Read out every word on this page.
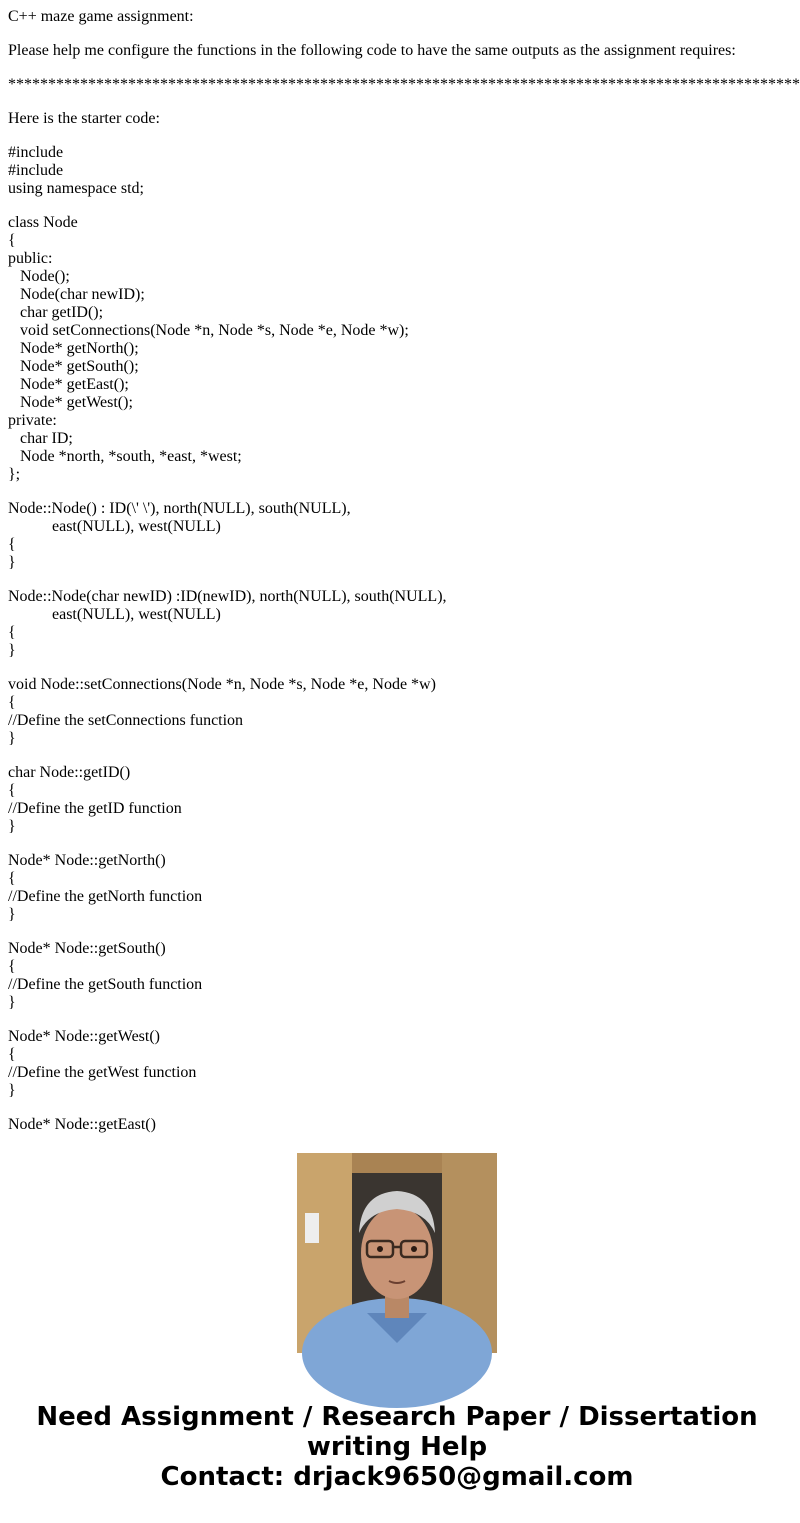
C++ maze game assignment:
Please help me configure the functions in the following code to have the same outputs as the assignment requires:
***************************************************************************************************
Here is the starter code:
#include
#include
using namespace std;
class Node
{
public:
Node();
Node(char newID);
char getID();
void setConnections(Node *n, Node *s, Node *e, Node *w);
Node* getNorth();
Node* getSouth();
Node* getEast();
Node* getWest();
private:
char ID;
Node *north, *south, *east, *west;
};
Node::Node() : ID(\' \'), north(NULL), south(NULL),
east(NULL), west(NULL)
{
}
Node::Node(char newID) :ID(newID), north(NULL), south(NULL),
east(NULL), west(NULL)
{
}
void Node::setConnections(Node *n, Node *s, Node *e, Node *w)
{
//Define the setConnections function
}
char Node::getID()
{
//Define the getID function
}
Node* Node::getNorth()
{
//Define the getNorth function
}
Node* Node::getSouth()
{
//Define the getSouth function
}
Node* Node::getWest()
{
//Define the getWest function
}
Node* Node::getEast()
Need Assignment / Research Paper / Dissertation
writing Help
Contact: drjack9650@gmail.com
